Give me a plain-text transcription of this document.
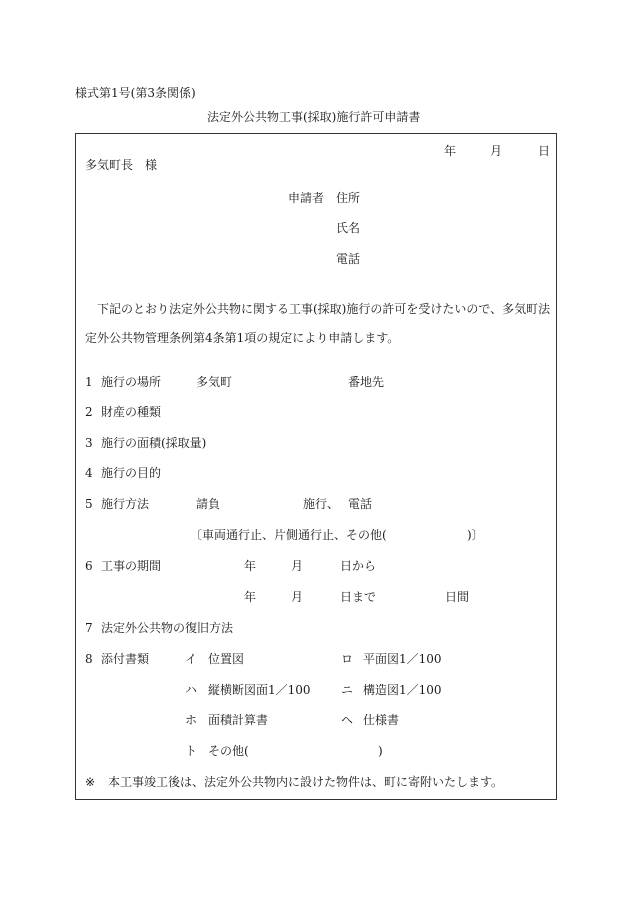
様式第1号(第3条関係)
法定外公共物工事(採取)施行許可申請書
年	月	日
多気町長　様
申請者 住所
氏名
電話
　下記のとおり法定外公共物に関する工事(採取)施行の許可を受けたいので、多気町法定外公共物管理条例第4条第1項の規定により申請します。
1 施行の場所	多気町	番地先
2 財産の種類
3 施行の面積(採取量)
4 施行の目的
5 施行方法	請負	施行、 電話
〔車両通行止、片側通行止、その他(	)〕
6 工事の期間	年	月	日から
年	月	日まで	日間
7 法定外公共物の復旧方法
8 添付書類	イ 位置図	ロ 平面図1／100
ハ 縦横断図面1／100	ニ 構造図1／100
ホ 面積計算書	ヘ 仕様書
ト その他(	)
※ 本工事竣工後は、法定外公共物内に設けた物件は、町に寄附いたします。
